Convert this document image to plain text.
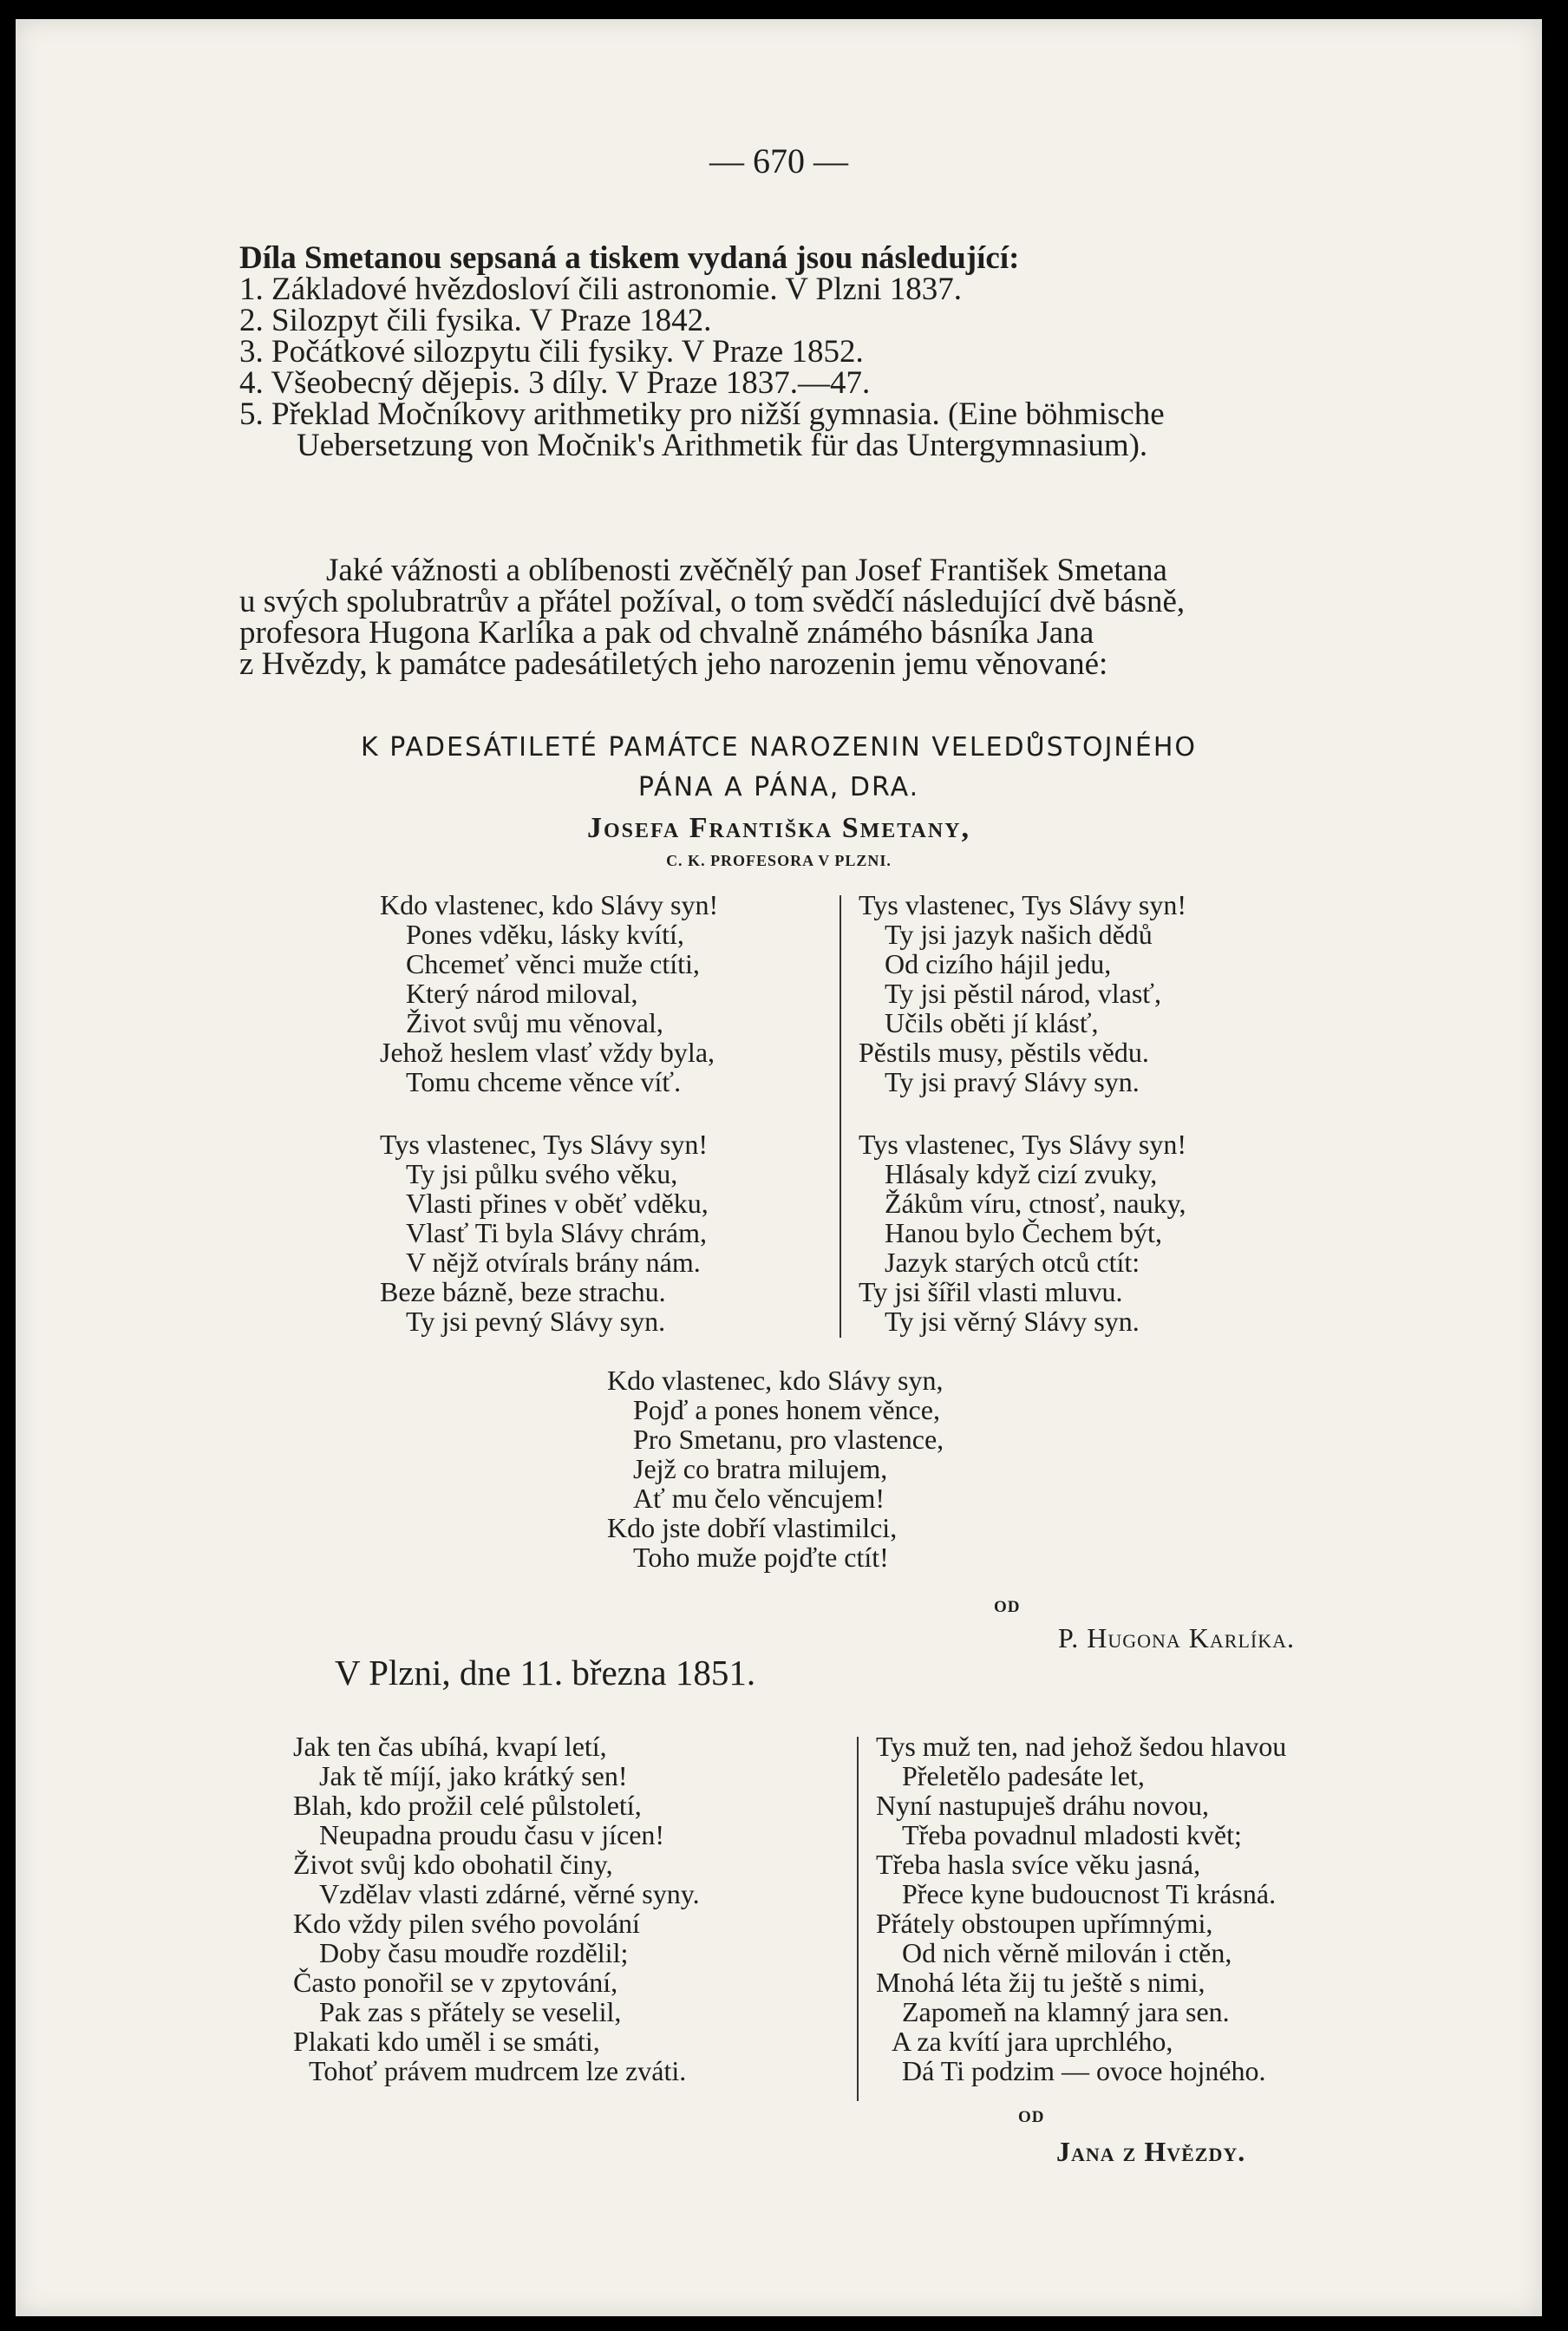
— 670 —
Díla Smetanou sepsaná a tiskem vydaná jsou následující:
1. Základové hvězdosloví čili astronomie. V Plzni 1837.
2. Silozpyt čili fysika. V Praze 1842.
3. Počátkové silozpytu čili fysiky. V Praze 1852.
4. Všeobecný dějepis. 3 díly. V Praze 1837.—47.
5. Překlad Močníkovy arithmetiky pro nižší gymnasia. (Eine böhmische
Uebersetzung von Močnik's Arithmetik für das Untergymnasium).
Jaké vážnosti a oblíbenosti zvěčnělý pan Josef František Smetana
u svých spolubratrův a přátel požíval, o tom svědčí následující dvě básně,
profesora Hugona Karlíka a pak od chvalně známého básníka Jana
z Hvězdy, k památce padesátiletých jeho narozenin jemu věnované:
K PADESÁTILETÉ PAMÁTCE NAROZENIN VELEDŮSTOJNÉHO
PÁNA A PÁNA, DRA.
Josefa Františka Smetany,
C. K. PROFESORA V PLZNI.
Kdo vlastenec, kdo Slávy syn!
Pones vděku, lásky kvítí,
Chcemeť věnci muže ctíti,
Který národ miloval,
Život svůj mu věnoval,
Jehož heslem vlasť vždy byla,
Tomu chceme věnce víť.
Tys vlastenec, Tys Slávy syn!
Ty jsi půlku svého věku,
Vlasti přines v oběť vděku,
Vlasť Ti byla Slávy chrám,
V nějž otvírals brány nám.
Beze bázně, beze strachu.
Ty jsi pevný Slávy syn.
Tys vlastenec, Tys Slávy syn!
Ty jsi jazyk našich dědů
Od cizího hájil jedu,
Ty jsi pěstil národ, vlasť,
Učils oběti jí klásť,
Pěstils musy, pěstils vědu.
Ty jsi pravý Slávy syn.
Tys vlastenec, Tys Slávy syn!
Hlásaly když cizí zvuky,
Žákům víru, ctnosť, nauky,
Hanou bylo Čechem být,
Jazyk starých otců ctít:
Ty jsi šířil vlasti mluvu.
Ty jsi věrný Slávy syn.
Kdo vlastenec, kdo Slávy syn,
Pojď a pones honem věnce,
Pro Smetanu, pro vlastence,
Jejž co bratra milujem,
Ať mu čelo věncujem!
Kdo jste dobří vlastimilci,
Toho muže pojďte ctít!
OD
P. Hugona Karlíka.
V Plzni, dne 11. března 1851.
Jak ten čas ubíhá, kvapí letí,
Jak tě míjí, jako krátký sen!
Blah, kdo prožil celé půlstoletí,
Neupadna proudu času v jícen!
Život svůj kdo obohatil činy,
Vzdělav vlasti zdárné, věrné syny.
Kdo vždy pilen svého povolání
Doby času moudře rozdělil;
Často ponořil se v zpytování,
Pak zas s přátely se veselil,
Plakati kdo uměl i se smáti,
Tohoť právem mudrcem lze zváti.
Tys muž ten, nad jehož šedou hlavou
Přeletělo padesáte let,
Nyní nastupuješ dráhu novou,
Třeba povadnul mladosti květ;
Třeba hasla svíce věku jasná,
Přece kyne budoucnost Ti krásná.
Přátely obstoupen upřímnými,
Od nich věrně milován i ctěn,
Mnohá léta žij tu ještě s nimi,
Zapomeň na klamný jara sen.
A za kvítí jara uprchlého,
Dá Ti podzim — ovoce hojného.
OD
Jana z Hvězdy.
